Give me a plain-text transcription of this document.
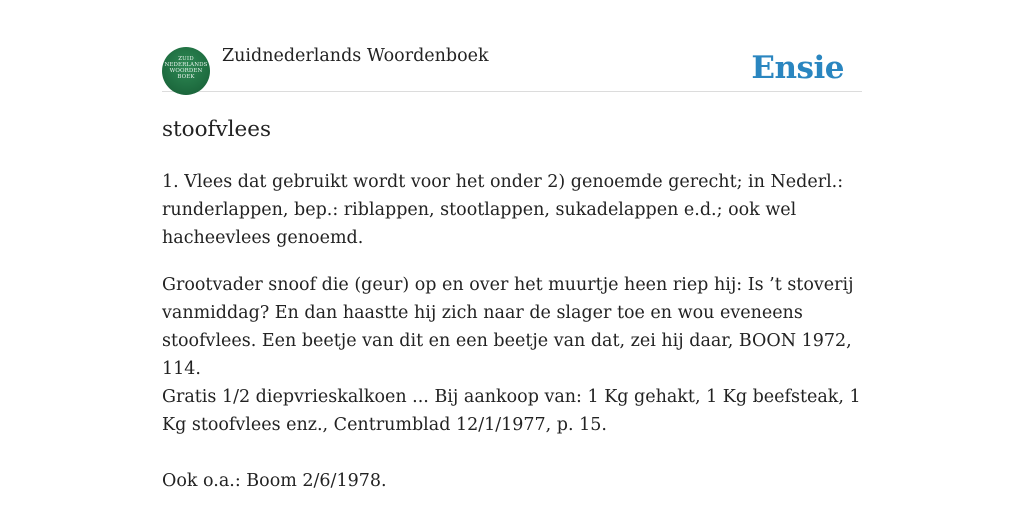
ZUID
NEDERLANDS
WOORDEN
BOEK
Zuidnederlands Woordenboek	Ensie
stoofvlees

1. Vlees dat gebruikt wordt voor het onder 2) genoemde gerecht; in Nederl.: runderlappen, bep.: riblappen, stootlappen, sukadelappen e.d.; ook wel hacheevlees genoemd.

Grootvader snoof die (geur) op en over het muurtje heen riep hij: Is ’t stoverij vanmiddag? En dan haastte hij zich naar de slager toe en wou eveneens stoofvlees. Een beetje van dit en een beetje van dat, zei hij daar, BOON 1972, 114.

Gratis 1/2 diepvrieskalkoen ... Bij aankoop van: 1 Kg gehakt, 1 Kg beefsteak, 1 Kg stoofvlees enz., Centrumblad 12/1/1977, p. 15.

Ook o.a.: Boom 2/6/1978.
